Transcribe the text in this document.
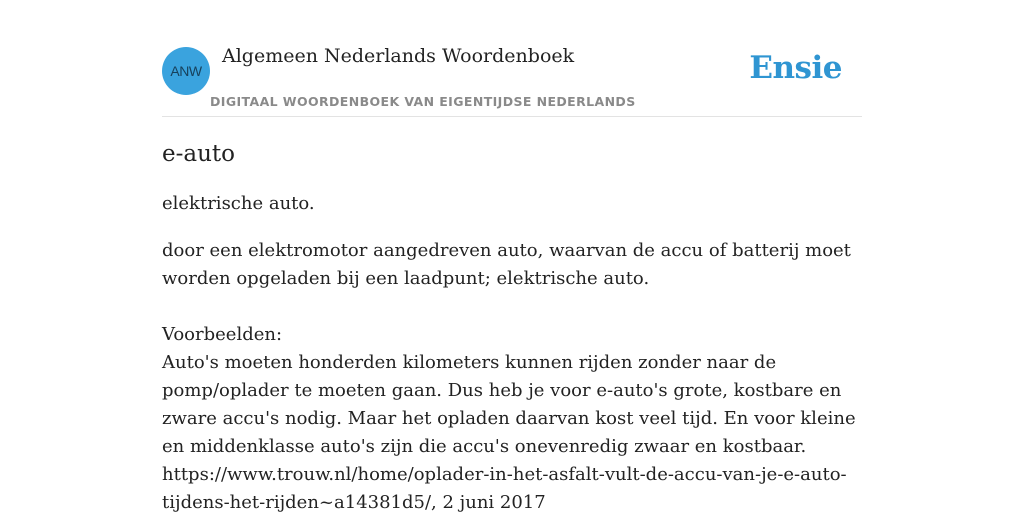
ANW
Algemeen Nederlands Woordenboek
DIGITAAL WOORDENBOEK VAN EIGENTIJDSE NEDERLANDS
Ensie
e-auto

elektrische auto.

door een elektromotor aangedreven auto, waarvan de accu of batterij moet worden opgeladen bij een laadpunt; elektrische auto.

Voorbeelden:

Auto's moeten honderden kilometers kunnen rijden zonder naar de pomp/oplader te moeten gaan. Dus heb je voor e-auto's grote, kostbare en zware accu's nodig. Maar het opladen daarvan kost veel tijd. En voor kleine en middenklasse auto's zijn die accu's onevenredig zwaar en kostbaar. https://www.trouw.nl/home/oplader-in-het-asfalt-vult-de-accu-van-je-e-auto-tijdens-het-rijden~a14381d5/, 2 juni 2017
